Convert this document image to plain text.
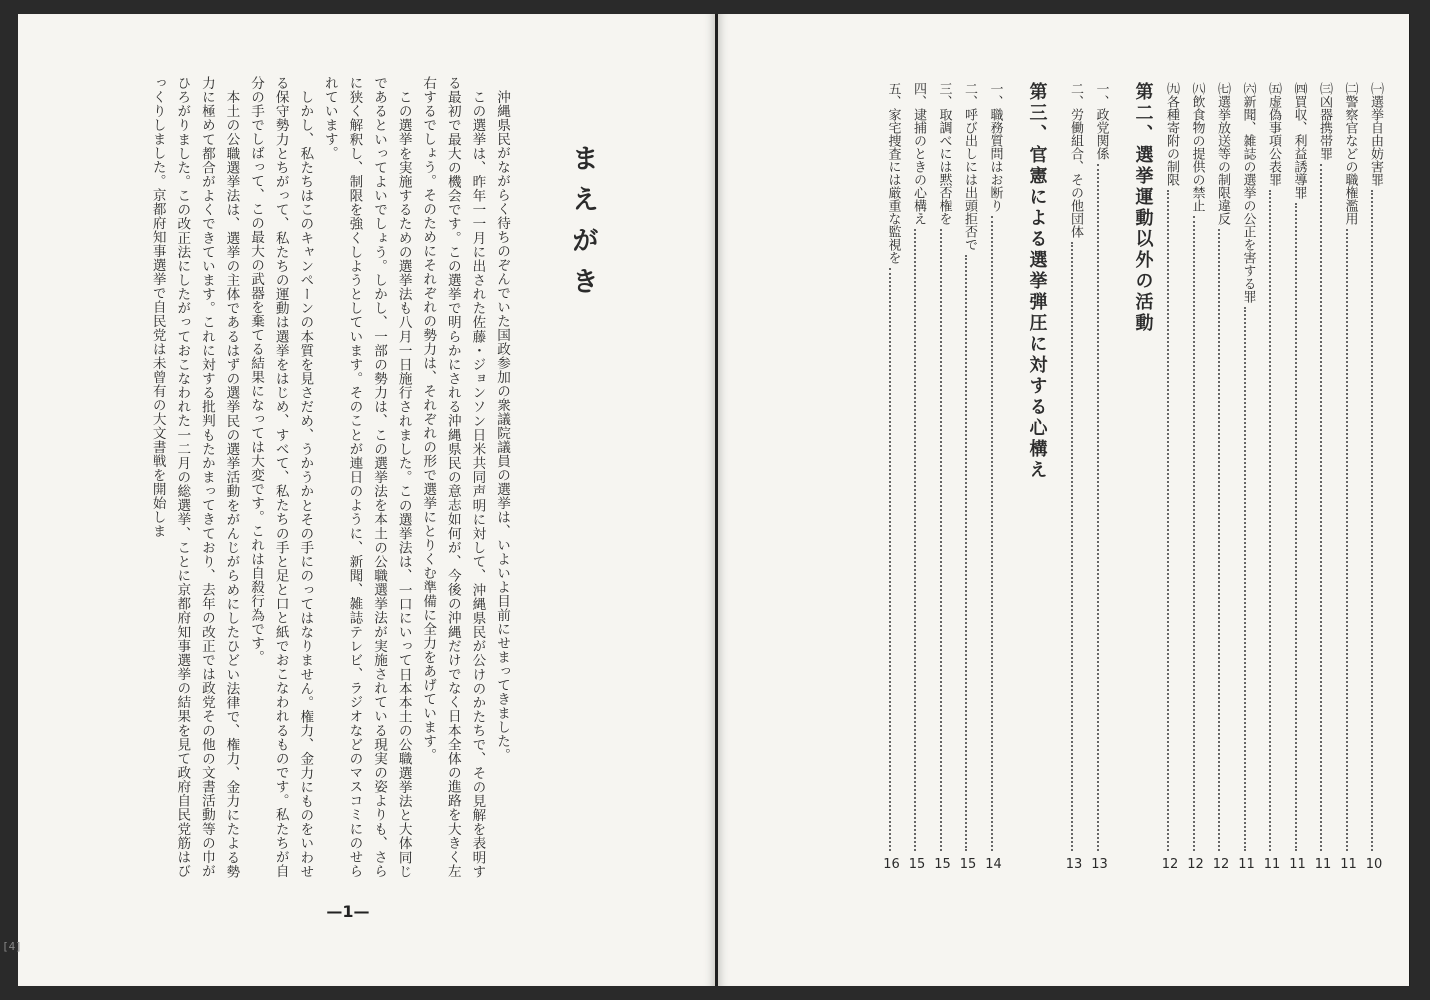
まえがき

沖縄県民がながらく待ちのぞんでいた国政参加の衆議院議員の選挙は、いよいよ目前にせまってきました。

この選挙は、昨年一一月に出された佐藤・ジョンソン日米共同声明に対して、沖縄県民が公けのかたちで、その見解を表明する最初で最大の機会です。この選挙で明らかにされる沖縄県民の意志如何が、今後の沖縄だけでなく日本全体の進路を大きく左右するでしょう。そのためにそれぞれの勢力は、それぞれの形で選挙にとりくむ準備に全力をあげています。

この選挙を実施するための選挙法も八月一日施行されました。この選挙法は、一口にいって日本本土の公職選挙法と大体同じであるといってよいでしょう。しかし、一部の勢力は、この選挙法を本土の公職選挙法が実施されている現実の姿よりも、さらに狭く解釈し、制限を強くしようとしています。そのことが連日のように、新聞、雑誌テレビ、ラジオなどのマスコミにのせられています。

しかし、私たちはこのキャンペーンの本質を見さだめ、うかうかとその手にのってはなりません。権力、金力にものをいわせる保守勢力とちがって、私たちの運動は選挙をはじめ、すべて、私たちの手と足と口と紙でおこなわれるものです。私たちが自分の手でしばって、この最大の武器を棄てる結果になっては大変です。これは自殺行為です。

本土の公職選挙法は、選挙の主体であるはずの選挙民の選挙活動をがんじがらめにしたひどい法律で、権力、金力にたよる勢力に極めて都合がよくできています。これに対する批判もたかまってきており、去年の改正では政党その他の文書活動等の巾がひろがりました。この改正法にしたがっておこなわれた一二月の総選挙、ことに京都府知事選挙の結果を見て政府自民党筋はびっくりしました。京都府知事選挙で自民党は未曾有の大文書戦を開始しま

—1—
㈠選挙自由妨害罪
10
㈡警察官などの職権濫用
11
㈢凶器携帯罪
11
㈣買収、利益誘導罪
11
㈤虚偽事項公表罪
11
㈥新聞、雑誌の選挙の公正を害する罪
11
㈦選挙放送等の制限違反
12
㈧飲食物の提供の禁止
12
㈨各種寄附の制限
12
第二、選挙運動以外の活動
一、政党関係
13
二、労働組合、その他団体
13
第三、官憲による選挙弾圧に対する心構え
一、職務質問はお断り
14
二、呼び出しには出頭拒否で
15
三、取調べには黙否権を
15
四、逮捕のときの心構え
15
五、家宅捜査には厳重な監視を
16
[4]
